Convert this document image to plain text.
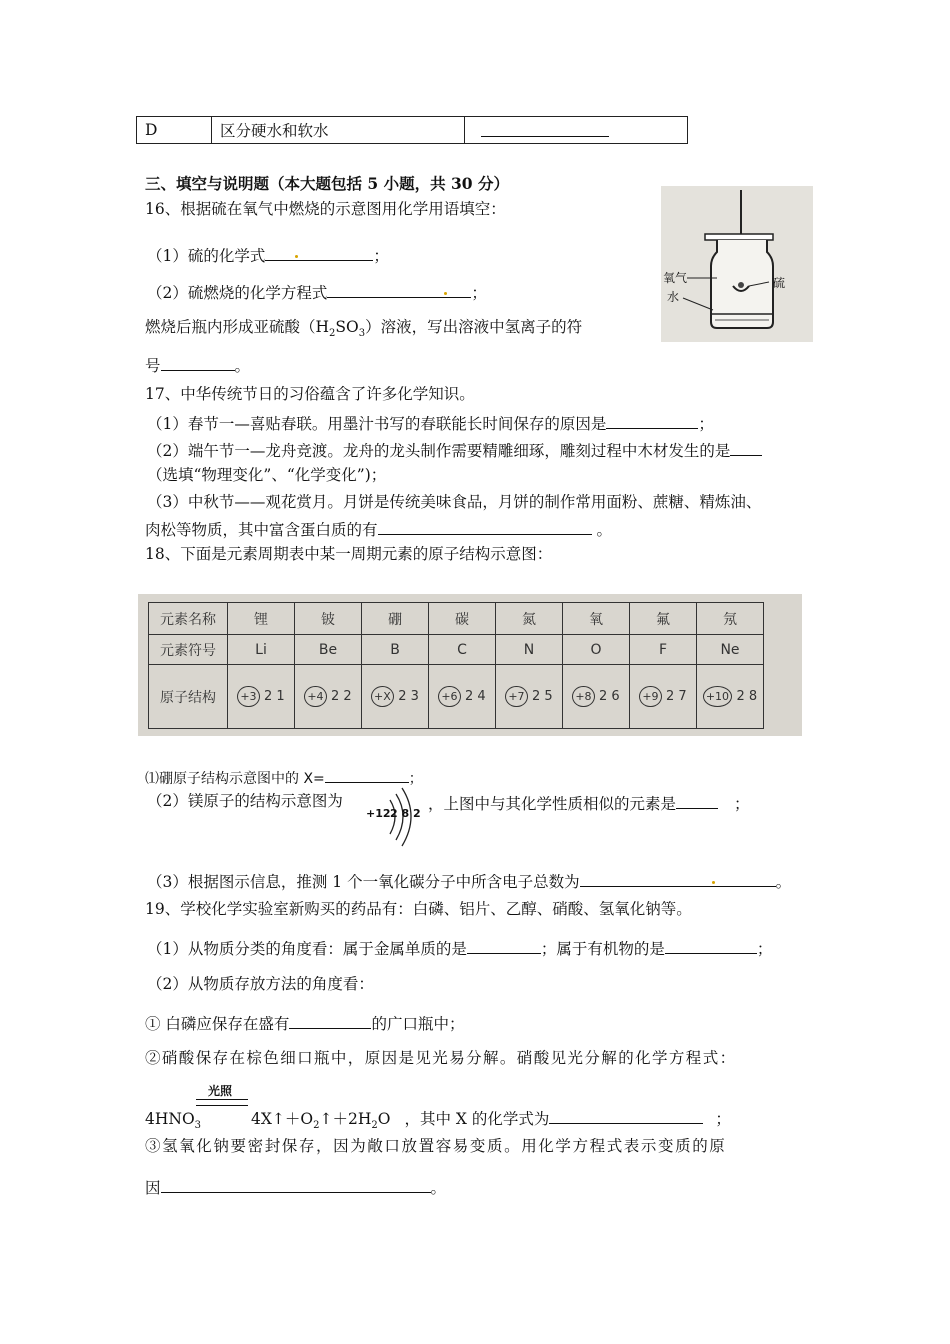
D	区分硬水和软水	
三、填空与说明题（本大题包括 5 小题，共 30 分）
16、根据硫在氧气中燃烧的示意图用化学用语填空：
（1）硫的化学式	；
（2）硫燃烧的化学方程式	；
燃烧后瓶内形成亚硫酸$(H_2SO_3)$溶液，写出溶液中氢离子的符
号	。
氧气
水
硫
17、中华传统节日的习俗蕴含了许多化学知识。
（1）春节一—喜贴春联。用墨汁书写的春联能长时间保存的原因是	；
（2）端午节一—龙舟竞渡。龙舟的龙头制作需要精雕细琢，雕刻过程中木材发生的是
（选填“物理变化”、“化学变化”)；
（3）中秋节——观花赏月。月饼是传统美味食品，月饼的制作常用面粉、蔗糖、精炼油、
肉松等物质，其中富含蛋白质的有	。
18、下面是元素周期表中某一周期元素的原子结构示意图：
元素名称	锂	铍	硼	碳	氮	氧	氟	氖
元素符号	Li	Be	B	C	N	O	F	Ne
原子结构	+3 2 1	+4 2 2	+X 2 3	+6 2 4	+7 2 5	+8 2 6	+9 2 7	+10 2 8
⑴硼原子结构示意图中的 X=	；
（2）镁原子的结构示意图为
+12 2 8 2
，上图中与其化学性质相似的元素是	；
（3）根据图示信息，推测 1 个一氧化碳分子中所含电子总数为	。
19、学校化学实验室新购买的药品有：白磷、铝片、乙醇、硝酸、氢氧化钠等。
（1）从物质分类的角度看：属于金属单质的是	；属于有机物的是	；
（2）从物质存放方法的角度看：
① 白磷应保存在盛有	的广口瓶中；
②硝酸保存在棕色细口瓶中，原因是见光易分解。硝酸见光分解的化学方程式：
光照
$4HNO_3$	$4X↑+O_2↑+2H_2O$ ，其中 X 的化学式为	；
③氢氧化钠要密封保存，因为敞口放置容易变质。用化学方程式表示变质的原
因	。
